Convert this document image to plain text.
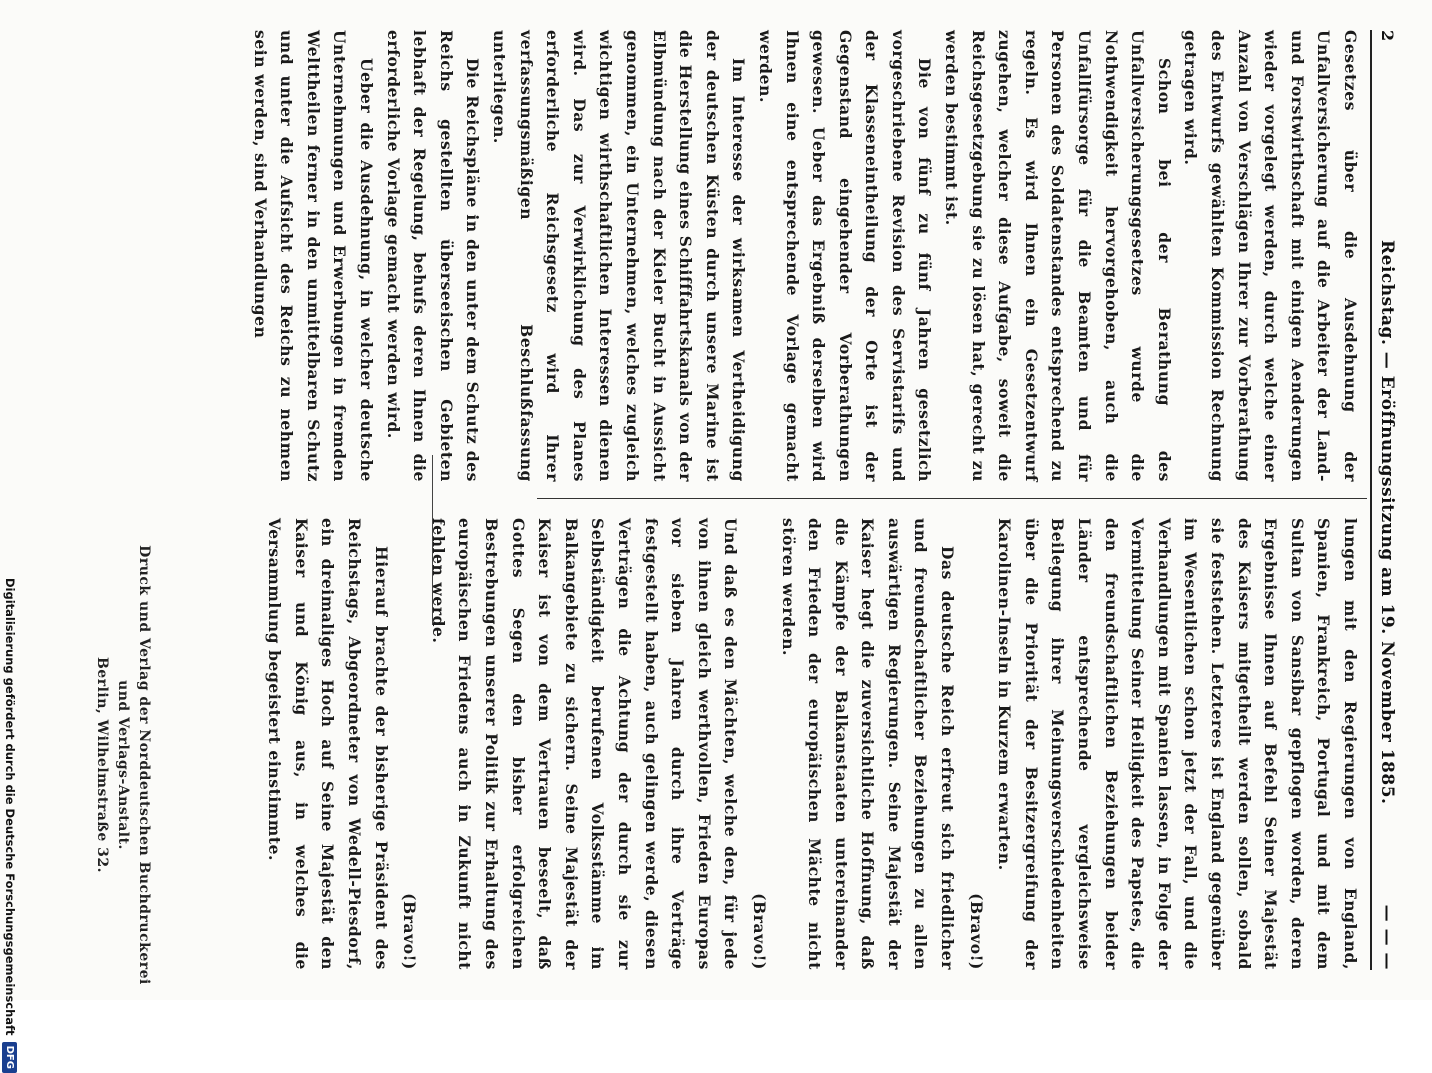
2
Reichstag. — Eröffnungssitzung am 19. November 1885.
— — —

Gesetzes über die Ausdehnung der Unfallversicherung auf die Arbeiter der Land- und Forstwirthschaft mit einigen Aenderungen wieder vorgelegt werden, durch welche einer Anzahl von Verschlägen Ihrer zur Vorberathung des Entwurfs gewählten Kommission Rechnung getragen wird.

Schon bei der Berathung des Unfallversicherungsgesetzes wurde die Nothwendigkeit hervorgehoben, auch die Unfallfürsorge für die Beamten und für Personen des Soldatenstandes entsprechend zu regeln. Es wird Ihnen ein Gesetzentwurf zugehen, welcher diese Aufgabe, soweit die Reichsgesetzgebung sie zu lösen hat, gerecht zu werden bestimmt ist.

Die von fünf zu fünf Jahren gesetzlich vorgeschriebene Revision des Servistarifs und der Klasseneintheilung der Orte ist der Gegenstand eingehender Vorberathungen gewesen. Ueber das Ergebniß derselben wird Ihnen eine entsprechende Vorlage gemacht werden.

Im Interesse der wirksamen Vertheidigung der deutschen Küsten durch unsere Marine ist die Herstellung eines Schifffahrtskanals von der Elbmündung nach der Kieler Bucht in Aussicht genommen, ein Unternehmen, welches zugleich wichtigen wirthschaftlichen Interessen dienen wird. Das zur Verwirklichung des Planes erforderliche Reichsgesetz wird Ihrer verfassungsmäßigen Beschlußfassung unterliegen.

Die Reichspläne in den unter dem Schutz des Reichs gestellten überseeischen Gebieten lebhaft der Regelung, behufs deren Ihnen die erforderliche Vorlage gemacht werden wird.

Ueber die Ausdehnung, in welcher deutsche Unternehmungen und Erwerbungen in fremden Welttheilen ferner in den unmittelbaren Schutz und unter die Aufsicht des Reichs zu nehmen sein werden, sind Verhandlungen

lungen mit den Regierungen von England, Spanien, Frankreich, Portugal und mit dem Sultan von Sansibar gepflogen worden, deren Ergebnisse Ihnen auf Befehl Seiner Majestät des Kaisers mitgetheilt werden sollen, sobald sie feststehen. Letzteres ist England gegenüber im Wesentlichen schon jetzt der Fall, und die Verhandlungen mit Spanien lassen, in Folge der Vermittelung Seiner Heiligkeit des Papstes, die den freundschaftlichen Beziehungen beider Länder entsprechende vergleichsweise Beilegung ihrer Meinungsverschiedenheiten über die Priorität der Besitzergreifung der Karolinen-Inseln in Kurzem erwarten.

(Bravo!)

Das deutsche Reich erfreut sich friedlicher und freundschaftlicher Beziehungen zu allen auswärtigen Regierungen. Seine Majestät der Kaiser hegt die zuversichtliche Hoffnung, daß die Kämpfe der Balkanstaaten untereinander den Frieden der europäischen Mächte nicht stören werden.

(Bravo!)

Und daß es den Mächten, welche den, für jede von ihnen gleich werthvollen, Frieden Europas vor sieben Jahren durch ihre Verträge festgestellt haben, auch gelingen werde, diesen Verträgen die Achtung der durch sie zur Selbständigkeit berufenen Volksstämme im Balkangebiete zu sichern. Seine Majestät der Kaiser ist von dem Vertrauen beseelt, daß Gottes Segen den bisher erfolgreichen Bestrebungen unserer Politik zur Erhaltung des europäischen Friedens auch in Zukunft nicht fehlen werde.

(Bravo!)

Hierauf brachte der bisherige Präsident des Reichstags, Abgeordneter von Wedell-Piesdorf, ein dreimaliges Hoch auf Seine Majestät den Kaiser und König aus, in welches die Versammlung begeistert einstimmte.

Druck und Verlag der Norddeutschen Buchdruckerei und Verlags-Anstalt.
Berlin, Wilhelmstraße 32.
Digitalisierung gefördert durch die Deutsche Forschungsgemeinschaft
DFG
